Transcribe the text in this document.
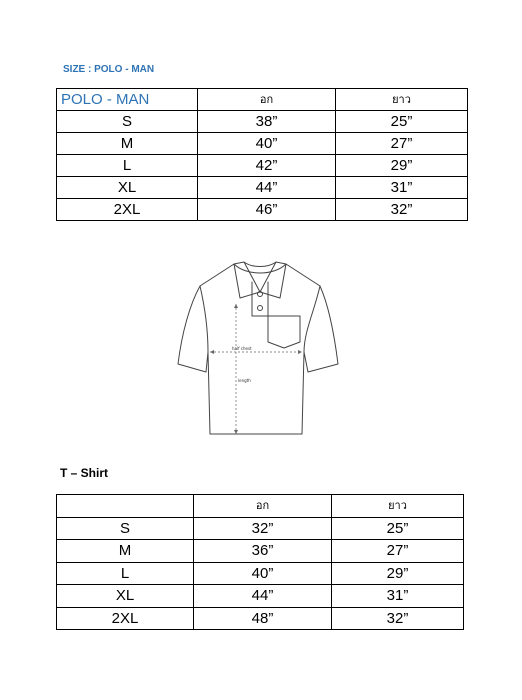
SIZE : POLO - MAN
POLO - MAN	อก	ยาว
S	38”	25”
M	40”	27”
L	42”	29”
XL	44”	31”
2XL	46”	32”
half chest
length
T – Shirt
	อก	ยาว
S	32”	25”
M	36”	27”
L	40”	29”
XL	44”	31”
2XL	48”	32”
